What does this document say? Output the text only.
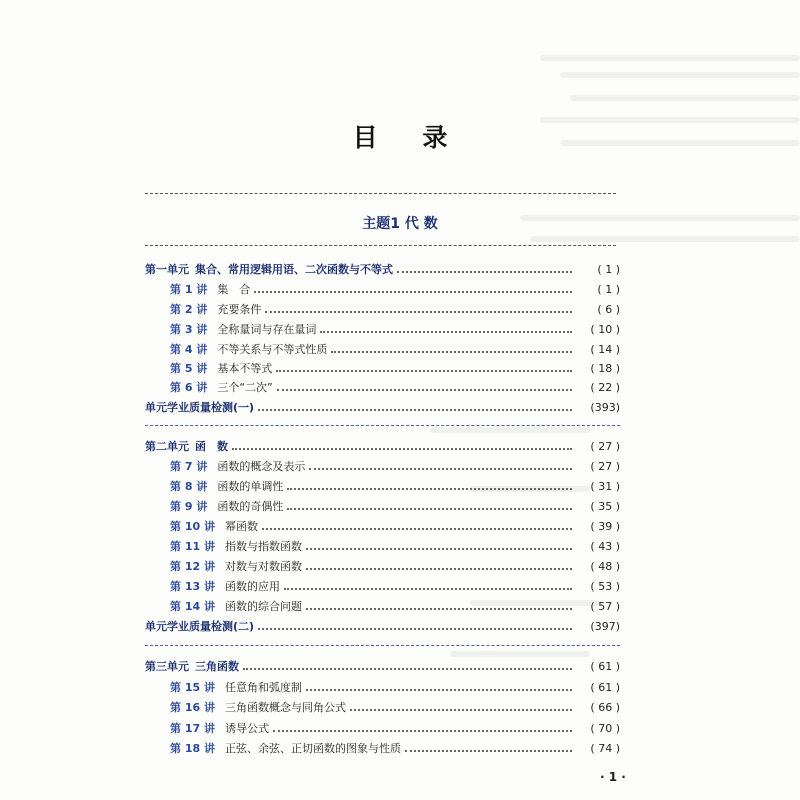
目 录
主题1 代 数
第一单元 集合、常用逻辑用语、二次函数与不等式	( 1 )
第 1 讲 集　合	( 1 )
第 2 讲 充要条件	( 6 )
第 3 讲 全称量词与存在量词	( 10 )
第 4 讲 不等关系与不等式性质	( 14 )
第 5 讲 基本不等式	( 18 )
第 6 讲 三个“二次”	( 22 )
单元学业质量检测(一)	(393)
第二单元 函　数	( 27 )
第 7 讲 函数的概念及表示	( 27 )
第 8 讲 函数的单调性	( 31 )
第 9 讲 函数的奇偶性	( 35 )
第 10 讲 幂函数	( 39 )
第 11 讲 指数与指数函数	( 43 )
第 12 讲 对数与对数函数	( 48 )
第 13 讲 函数的应用	( 53 )
第 14 讲 函数的综合问题	( 57 )
单元学业质量检测(二)	(397)
第三单元 三角函数	( 61 )
第 15 讲 任意角和弧度制	( 61 )
第 16 讲 三角函数概念与同角公式	( 66 )
第 17 讲 诱导公式	( 70 )
第 18 讲 正弦、余弦、正切函数的图象与性质	( 74 )
· 1 ·
